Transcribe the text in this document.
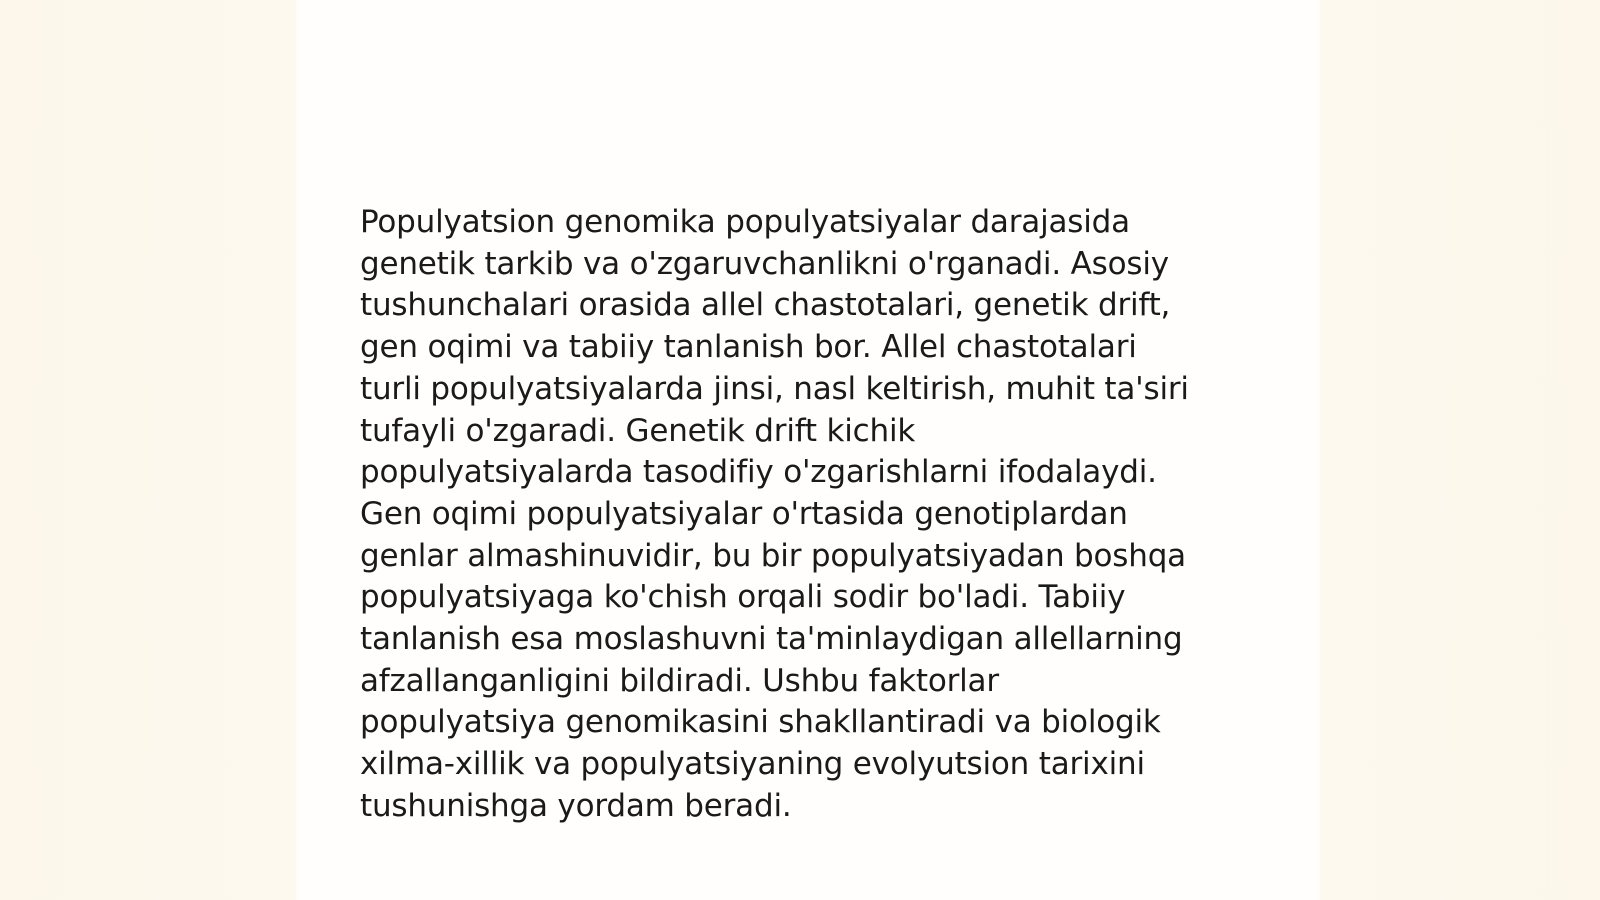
Populyatsion genomika populyatsiyalar darajasida
genetik tarkib va o'zgaruvchanlikni o'rganadi. Asosiy
tushunchalari orasida allel chastotalari, genetik drift,
gen oqimi va tabiiy tanlanish bor. Allel chastotalari
turli populyatsiyalarda jinsi, nasl keltirish, muhit ta'siri
tufayli o'zgaradi. Genetik drift kichik
populyatsiyalarda tasodifiy o'zgarishlarni ifodalaydi.
Gen oqimi populyatsiyalar o'rtasida genotiplardan
genlar almashinuvidir, bu bir populyatsiyadan boshqa
populyatsiyaga ko'chish orqali sodir bo'ladi. Tabiiy
tanlanish esa moslashuvni ta'minlaydigan allellarning
afzallanganligini bildiradi. Ushbu faktorlar
populyatsiya genomikasini shakllantiradi va biologik
xilma-xillik va populyatsiyaning evolyutsion tarixini
tushunishga yordam beradi.
